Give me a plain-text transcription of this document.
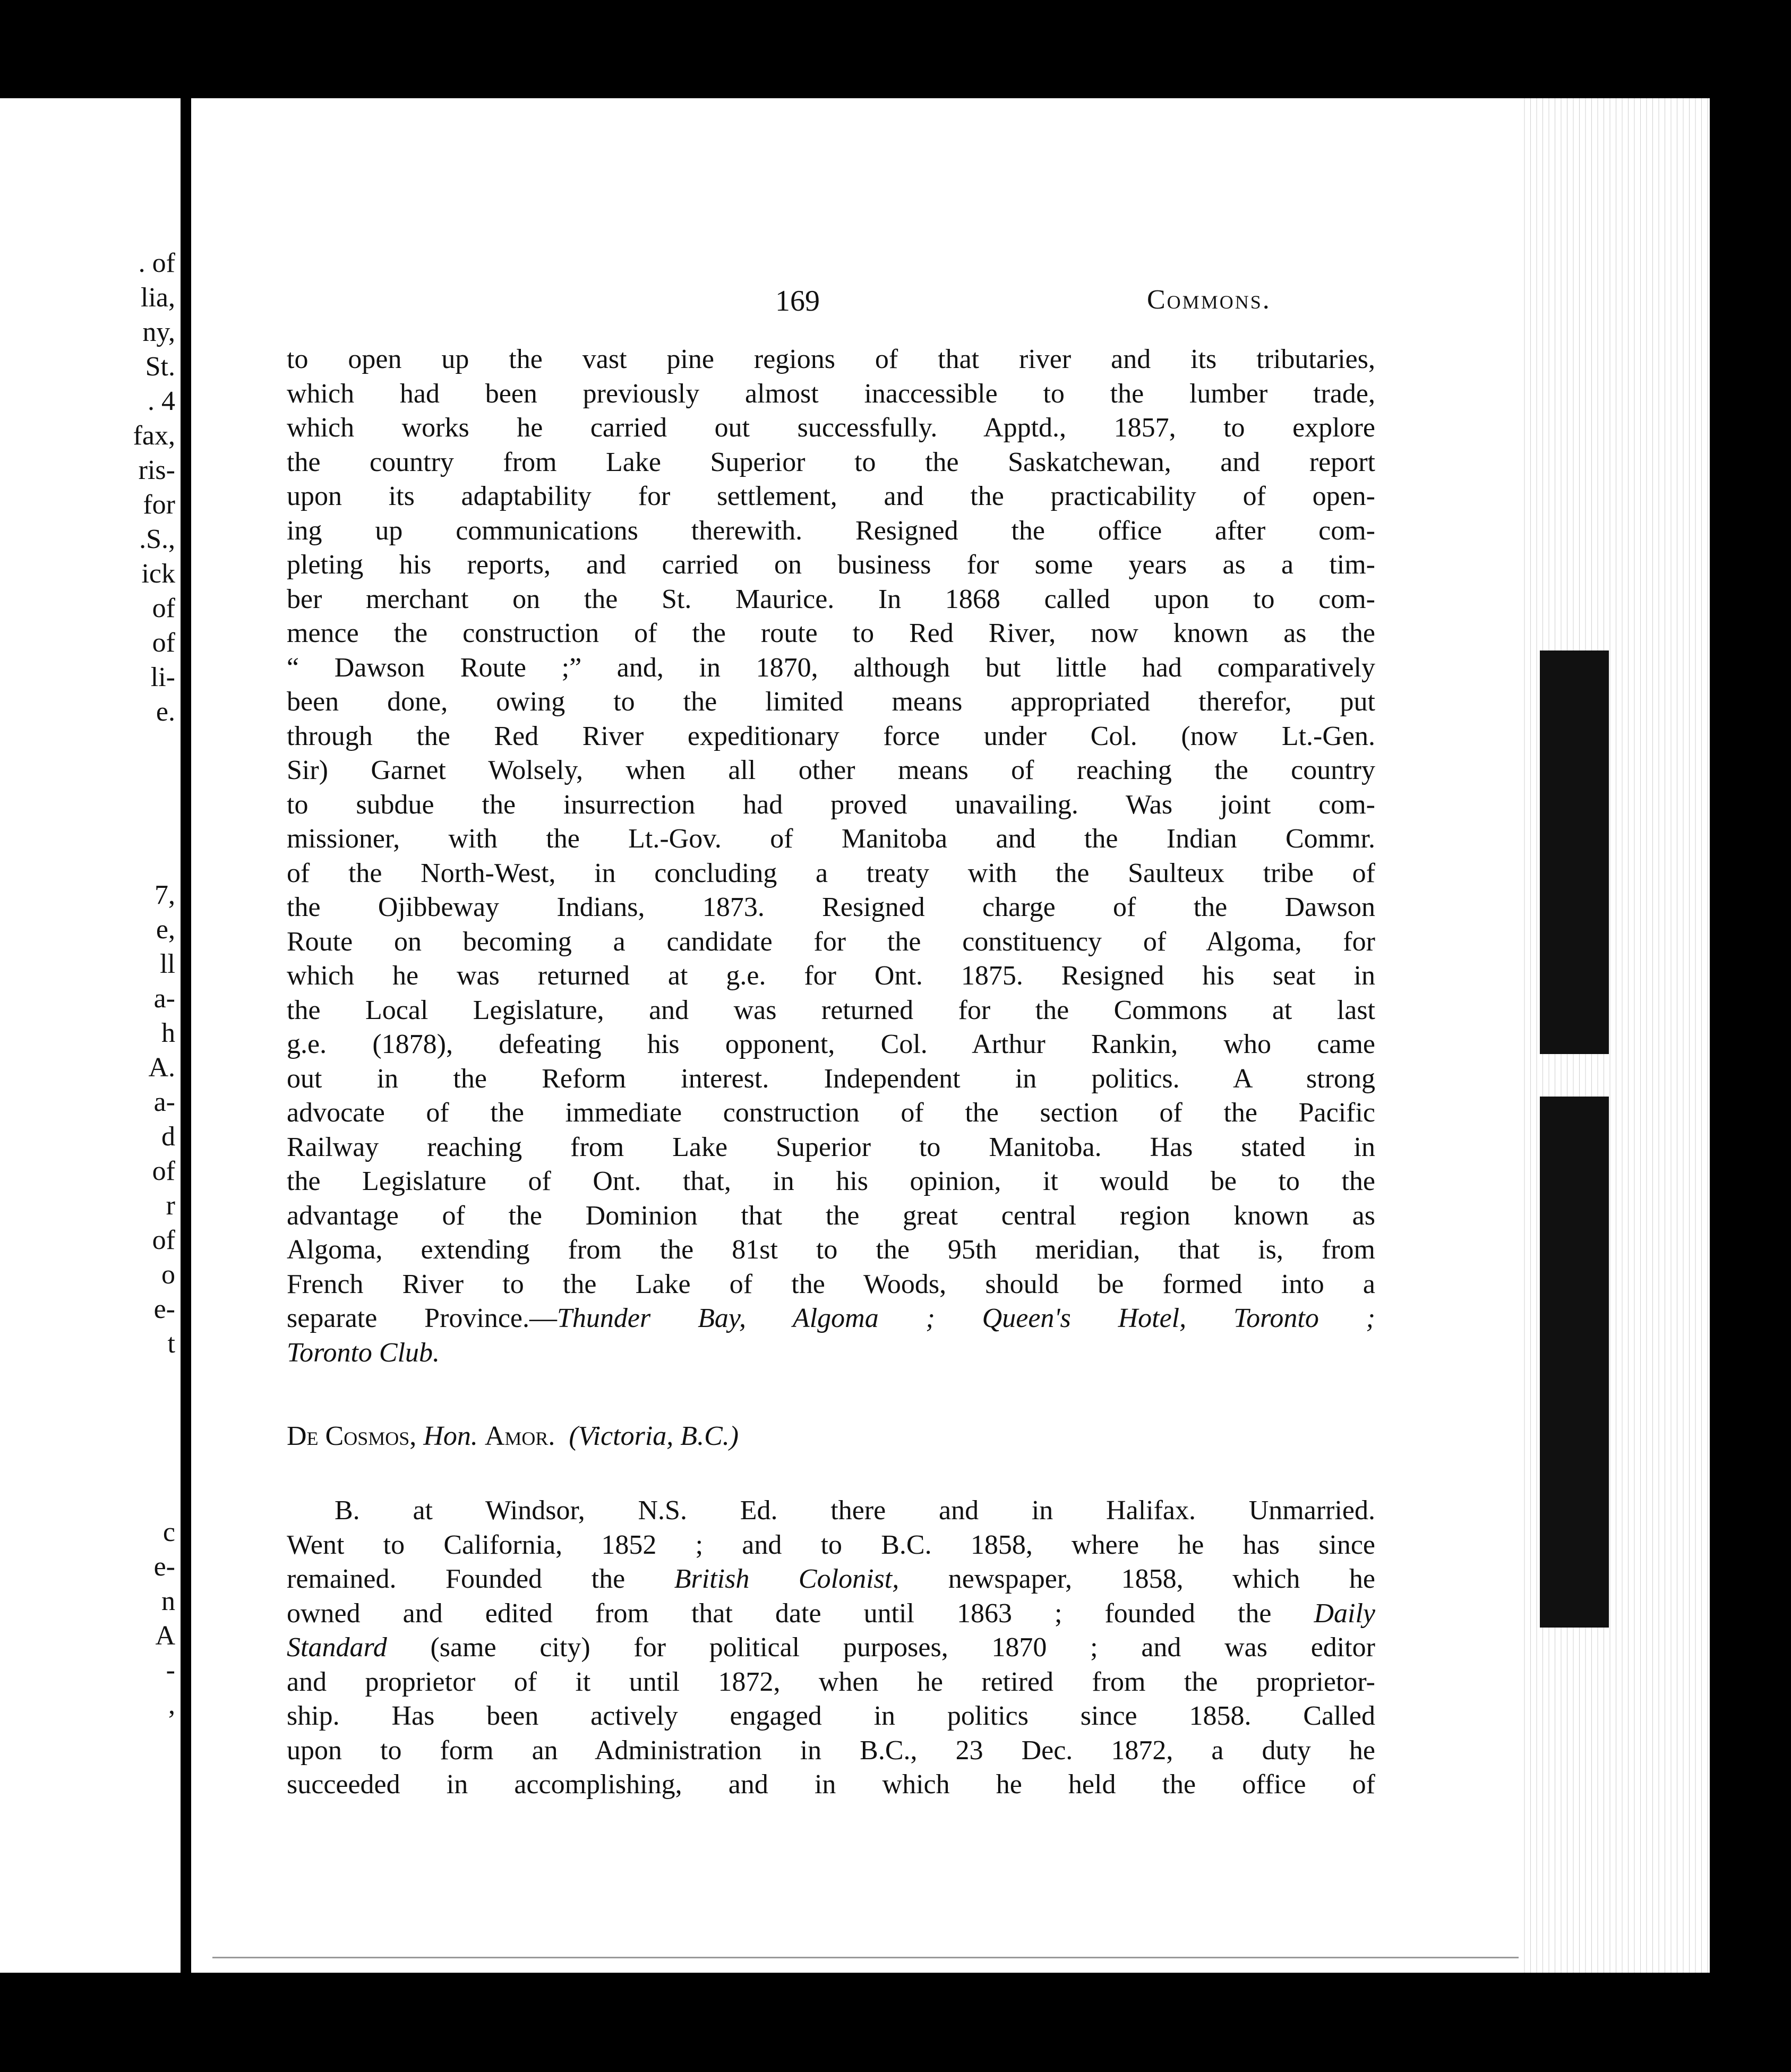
. of
lia,
ny,
St.
. 4
fax,
ris-
for
.S.,
ick
of
of
li-
e.
7,
e,
ll
a-
h
A.
a-
d
of
r
of
o
e-
t
c
e-
n
A
-
,
169	Commons.
to open up the vast pine regions of that river and its tributaries,
which had been previously almost inaccessible to the lumber trade,
which works he carried out successfully. Apptd., 1857, to explore
the country from Lake Superior to the Saskatchewan, and report
upon its adaptability for settlement, and the practicability of open-
ing up communications therewith. Resigned the office after com-
pleting his reports, and carried on business for some years as a tim-
ber merchant on the St. Maurice. In 1868 called upon to com-
mence the construction of the route to Red River, now known as the
“ Dawson Route ;” and, in 1870, although but little had comparatively
been done, owing to the limited means appropriated therefor, put
through the Red River expeditionary force under Col. (now Lt.-Gen.
Sir) Garnet Wolsely, when all other means of reaching the country
to subdue the insurrection had proved unavailing. Was joint com-
missioner, with the Lt.-Gov. of Manitoba and the Indian Commr.
of the North-West, in concluding a treaty with the Saulteux tribe of
the Ojibbeway Indians, 1873. Resigned charge of the Dawson
Route on becoming a candidate for the constituency of Algoma, for
which he was returned at g.e. for Ont. 1875. Resigned his seat in
the Local Legislature, and was returned for the Commons at last
g.e. (1878), defeating his opponent, Col. Arthur Rankin, who came
out in the Reform interest. Independent in politics. A strong
advocate of the immediate construction of the section of the Pacific
Railway reaching from Lake Superior to Manitoba. Has stated in
the Legislature of Ont. that, in his opinion, it would be to the
advantage of the Dominion that the great central region known as
Algoma, extending from the 81st to the 95th meridian, that is, from
French River to the Lake of the Woods, should be formed into a
separate Province.—Thunder Bay, Algoma ; Queen's Hotel, Toronto ;
Toronto Club.
De Cosmos, Hon. Amor. (Victoria, B.C.)
B. at Windsor, N.S. Ed. there and in Halifax. Unmarried.
Went to California, 1852 ; and to B.C. 1858, where he has since
remained. Founded the British Colonist, newspaper, 1858, which he
owned and edited from that date until 1863 ; founded the Daily
Standard (same city) for political purposes, 1870 ; and was editor
and proprietor of it until 1872, when he retired from the proprietor-
ship. Has been actively engaged in politics since 1858. Called
upon to form an Administration in B.C., 23 Dec. 1872, a duty he
succeeded in accomplishing, and in which he held the office of
